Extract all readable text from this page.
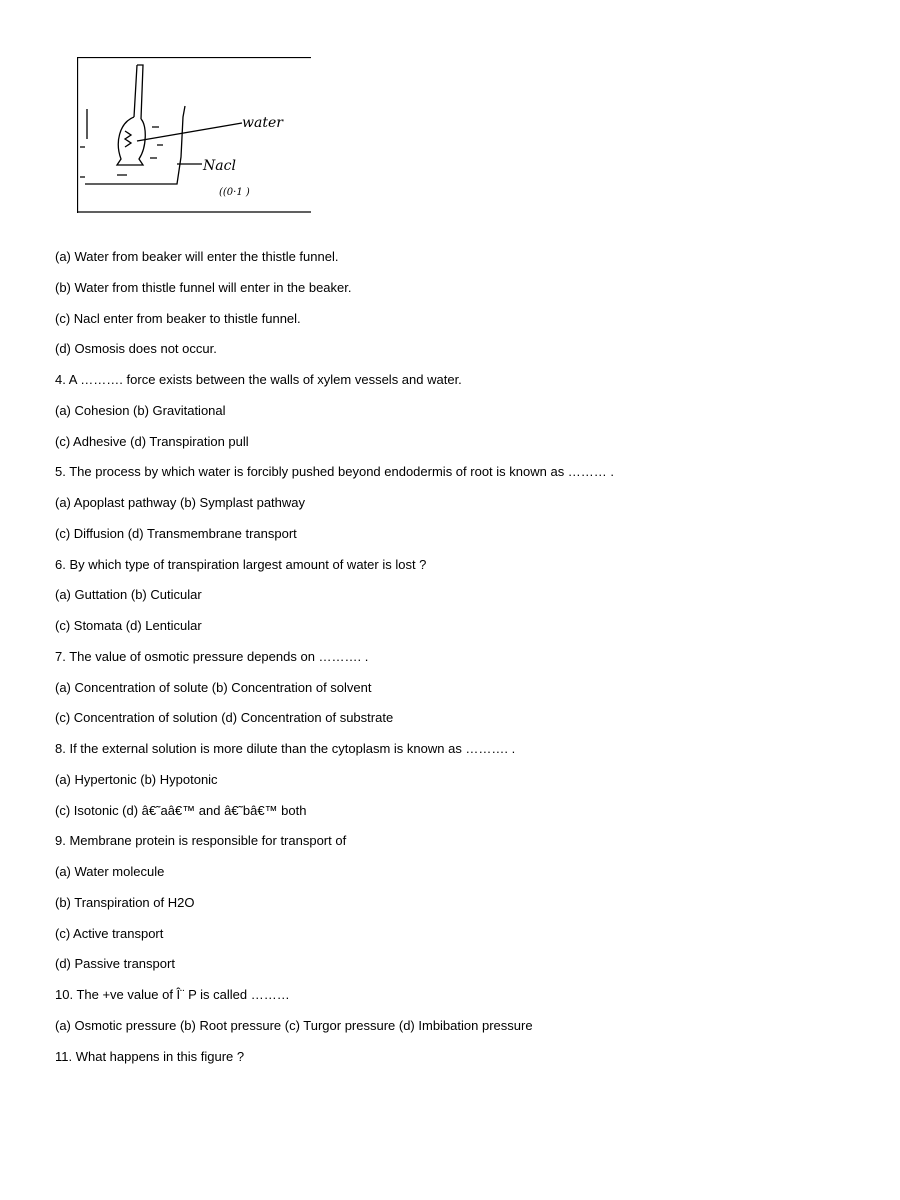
water
Nacl
((0·1 )
(a) Water from beaker will enter the thistle funnel.
(b) Water from thistle funnel will enter in the beaker.
(c) Nacl enter from beaker to thistle funnel.
(d) Osmosis does not occur.
4. A ………. force exists between the walls of xylem vessels and water.
(a) Cohesion (b) Gravitational
(c) Adhesive (d) Transpiration pull
5. The process by which water is forcibly pushed beyond endodermis of root is known as ……… .
(a) Apoplast pathway (b) Symplast pathway
(c) Diffusion (d) Transmembrane transport
6. By which type of transpiration largest amount of water is lost ?
(a) Guttation (b) Cuticular
(c) Stomata (d) Lenticular
7. The value of osmotic pressure depends on ………. .
(a) Concentration of solute (b) Concentration of solvent
(c) Concentration of solution (d) Concentration of substrate
8. If the external solution is more dilute than the cytoplasm is known as ………. .
(a) Hypertonic (b) Hypotonic
(c) Isotonic (d) â€˜aâ€™ and â€˜bâ€™ both
9. Membrane protein is responsible for transport of
(a) Water molecule
(b) Transpiration of H2O
(c) Active transport
(d) Passive transport
10. The +ve value of Î¨ P is called ………
(a) Osmotic pressure (b) Root pressure (c) Turgor pressure (d) Imbibation pressure
11. What happens in this figure ?
